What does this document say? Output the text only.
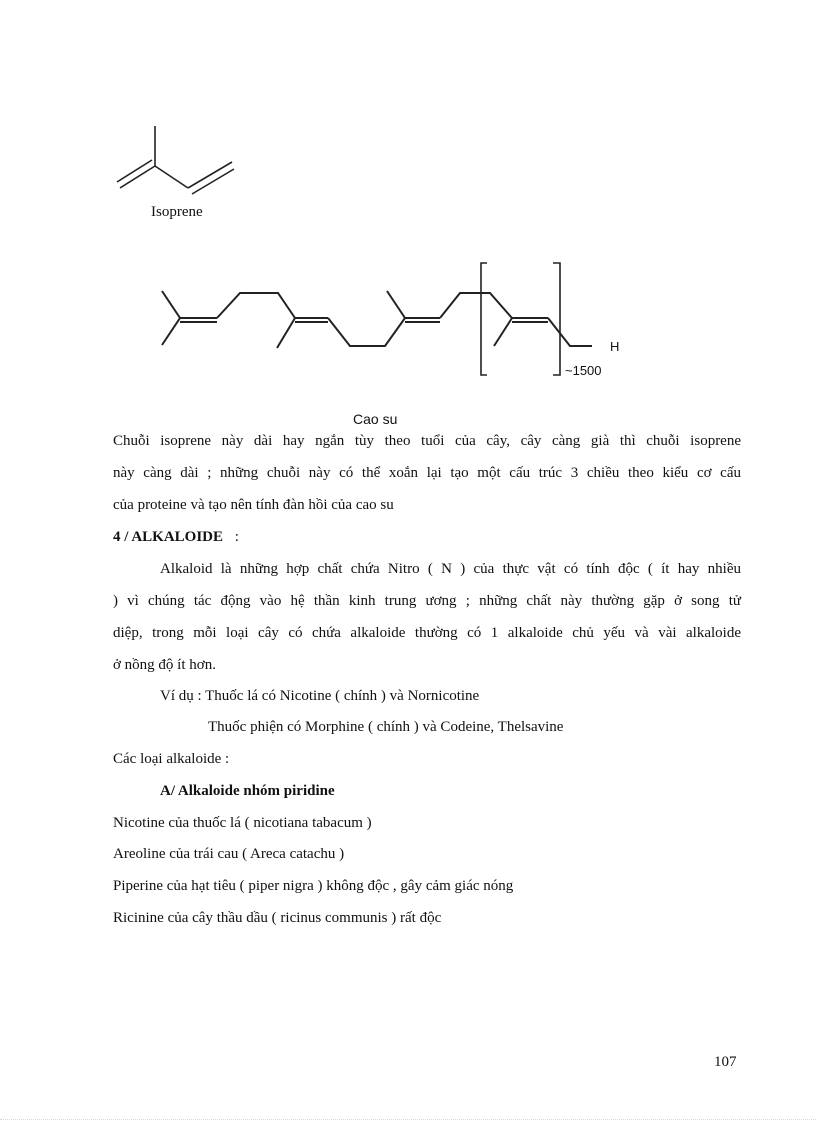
Isoprene
H
~1500
Cao su
Chuỗi isoprene này dài hay ngắn tùy theo tuổi của cây, cây càng già thì chuỗi isoprene
này càng dài ; những chuỗi này có thể xoắn lại tạo một cấu trúc 3 chiều theo kiểu cơ cấu
của proteine và tạo nên tính đàn hồi của cao su
4 / ALKALOIDE :
Alkaloid là những hợp chất chứa Nitro ( N ) của thực vật có tính độc ( ít hay nhiều
) vì chúng tác động vào hệ thần kinh trung ương ; những chất này thường gặp ở song tử
diệp, trong mỗi loại cây có chứa alkaloide thường có 1 alkaloide chủ yếu và vài alkaloide
ở nồng độ ít hơn.
Ví dụ : Thuốc lá có Nicotine ( chính ) và Nornicotine
Thuốc phiện có Morphine ( chính ) và Codeine, Thelsavine
Các loại alkaloide :
A/ Alkaloide nhóm piridine
Nicotine của thuốc lá ( nicotiana tabacum )
Areoline của trái cau ( Areca catachu )
Piperine của hạt tiêu ( piper nigra ) không độc , gây cảm giác nóng
Ricinine của cây thầu dầu ( ricinus communis ) rất độc
107
